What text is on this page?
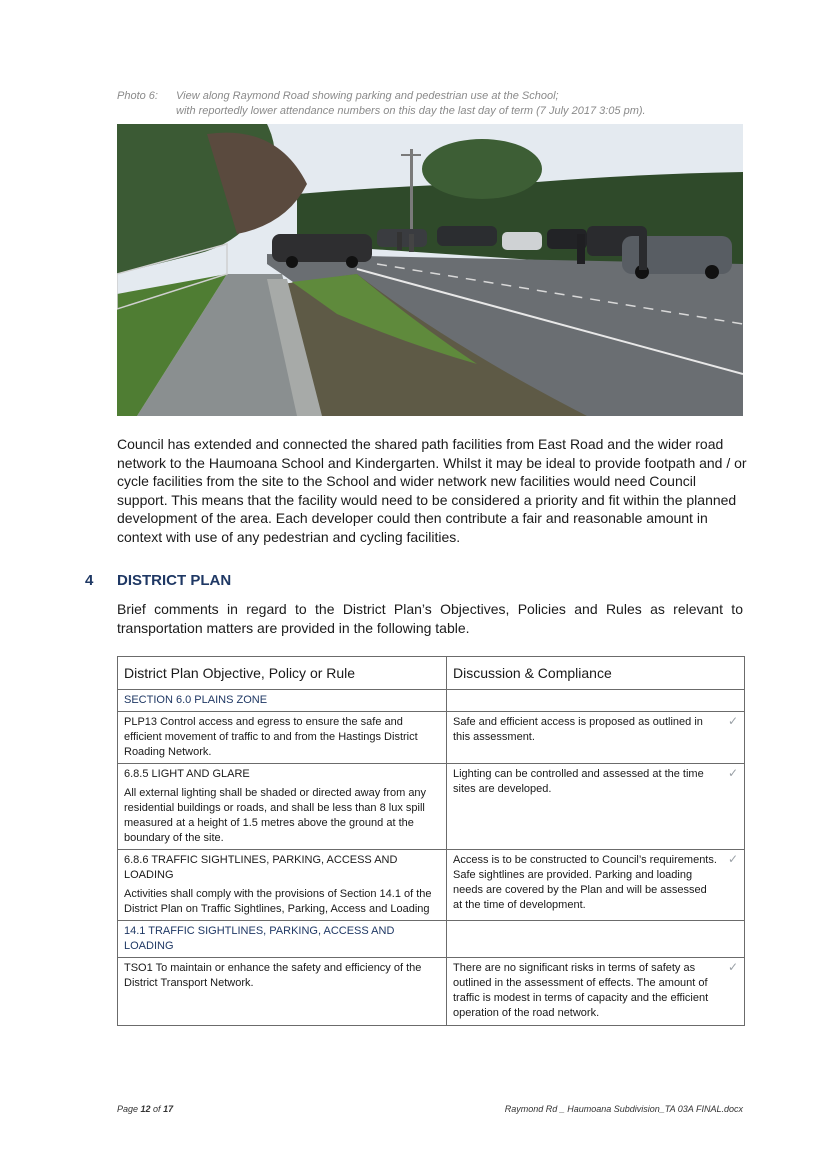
Photo 6:	View along Raymond Road showing parking and pedestrian use at the School;
with reportedly lower attendance numbers on this day the last day of term (7 July 2017 3:05 pm).

Council has extended and connected the shared path facilities from East Road and the wider road network to the Haumoana School and Kindergarten. Whilst it may be ideal to provide footpath and / or cycle facilities from the site to the School and wider network new facilities would need Council support. This means that the facility would need to be considered a priority and fit within the planned development of the area. Each developer could then contribute a fair and reasonable amount in context with use of any pedestrian and cycling facilities.

4	DISTRICT PLAN

Brief comments in regard to the District Plan’s Objectives, Policies and Rules as relevant to transportation matters are provided in the following table.

District Plan Objective, Policy or Rule	Discussion & Compliance
SECTION 6.0 PLAINS ZONE	

PLP13 Control access and egress to ensure the safe and efficient movement of traffic to and from the Hastings District Roading Network.	Safe and efficient access is proposed as outlined in this assessment.
✓

6.8.5 LIGHT AND GLARE
All external lighting shall be shaded or directed away from any residential buildings or roads, and shall be less than 8 lux spill measured at a height of 1.5 metres above the ground at the boundary of the site.	Lighting can be controlled and assessed at the time sites are developed.
✓

6.8.6 TRAFFIC SIGHTLINES, PARKING, ACCESS AND LOADING
Activities shall comply with the provisions of Section 14.1 of the District Plan on Traffic Sightlines, Parking, Access and Loading	Access is to be constructed to Council’s requirements. Safe sightlines are provided. Parking and loading needs are covered by the Plan and will be assessed at the time of development.
✓

14.1 TRAFFIC SIGHTLINES, PARKING, ACCESS AND LOADING	

TSO1 To maintain or enhance the safety and efficiency of the District Transport Network.	There are no significant risks in terms of safety as outlined in the assessment of effects. The amount of traffic is modest in terms of capacity and the efficient operation of the road network.
✓
Page 12 of 17	Raymond Rd _ Haumoana Subdivision_TA 03A FINAL.docx
